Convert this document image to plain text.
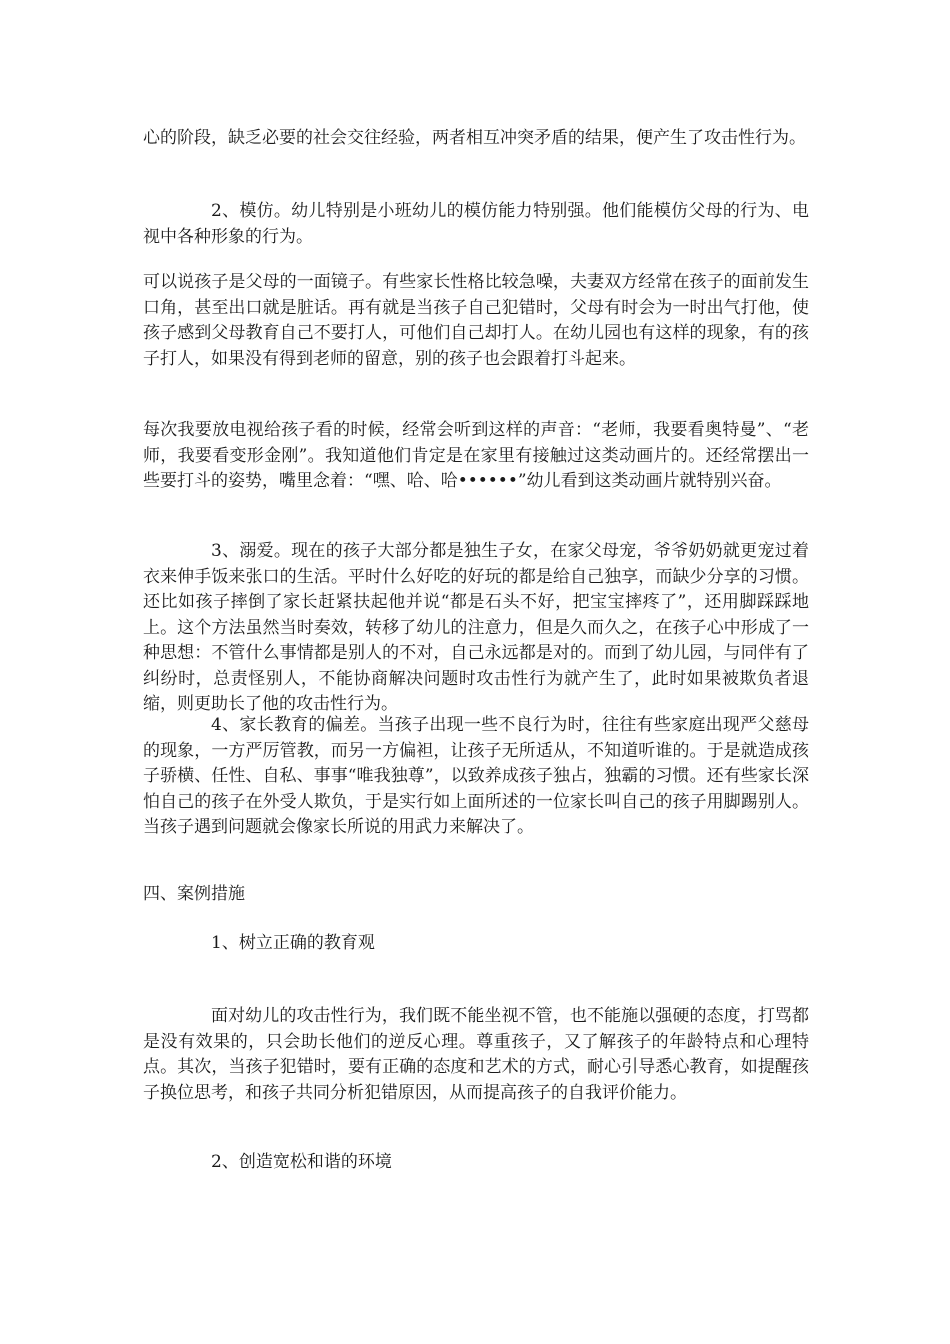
心的阶段，缺乏必要的社会交往经验，两者相互冲突矛盾的结果，便产生了攻击性行为。

2、模仿。幼儿特别是小班幼儿的模仿能力特别强。他们能模仿父母的行为、电视中各种形象的行为。

可以说孩子是父母的一面镜子。有些家长性格比较急噪，夫妻双方经常在孩子的面前发生口角，甚至出口就是脏话。再有就是当孩子自己犯错时，父母有时会为一时出气打他，使孩子感到父母教育自己不要打人，可他们自己却打人。在幼儿园也有这样的现象，有的孩子打人，如果没有得到老师的留意，别的孩子也会跟着打斗起来。

每次我要放电视给孩子看的时候，经常会听到这样的声音：“老师，我要看奥特曼”、“老师，我要看变形金刚”。我知道他们肯定是在家里有接触过这类动画片的。还经常摆出一些要打斗的姿势，嘴里念着：“嘿、哈、哈••••••”幼儿看到这类动画片就特别兴奋。

3、溺爱。现在的孩子大部分都是独生子女，在家父母宠，爷爷奶奶就更宠过着衣来伸手饭来张口的生活。平时什么好吃的好玩的都是给自己独享，而缺少分享的习惯。还比如孩子摔倒了家长赶紧扶起他并说“都是石头不好，把宝宝摔疼了”，还用脚踩踩地上。这个方法虽然当时奏效，转移了幼儿的注意力，但是久而久之，在孩子心中形成了一种思想：不管什么事情都是别人的不对，自己永远都是对的。而到了幼儿园，与同伴有了纠纷时，总责怪别人，不能协商解决问题时攻击性行为就产生了，此时如果被欺负者退缩，则更助长了他的攻击性行为。

4、家长教育的偏差。当孩子出现一些不良行为时，往往有些家庭出现严父慈母的现象，一方严厉管教，而另一方偏袒，让孩子无所适从，不知道听谁的。于是就造成孩子骄横、任性、自私、事事“唯我独尊”，以致养成孩子独占，独霸的习惯。还有些家长深怕自己的孩子在外受人欺负，于是实行如上面所述的一位家长叫自己的孩子用脚踢别人。当孩子遇到问题就会像家长所说的用武力来解决了。

四、案例措施

1、树立正确的教育观

面对幼儿的攻击性行为，我们既不能坐视不管，也不能施以强硬的态度，打骂都是没有效果的，只会助长他们的逆反心理。尊重孩子，又了解孩子的年龄特点和心理特点。其次，当孩子犯错时，要有正确的态度和艺术的方式，耐心引导悉心教育，如提醒孩子换位思考，和孩子共同分析犯错原因，从而提高孩子的自我评价能力。

2、创造宽松和谐的环境
